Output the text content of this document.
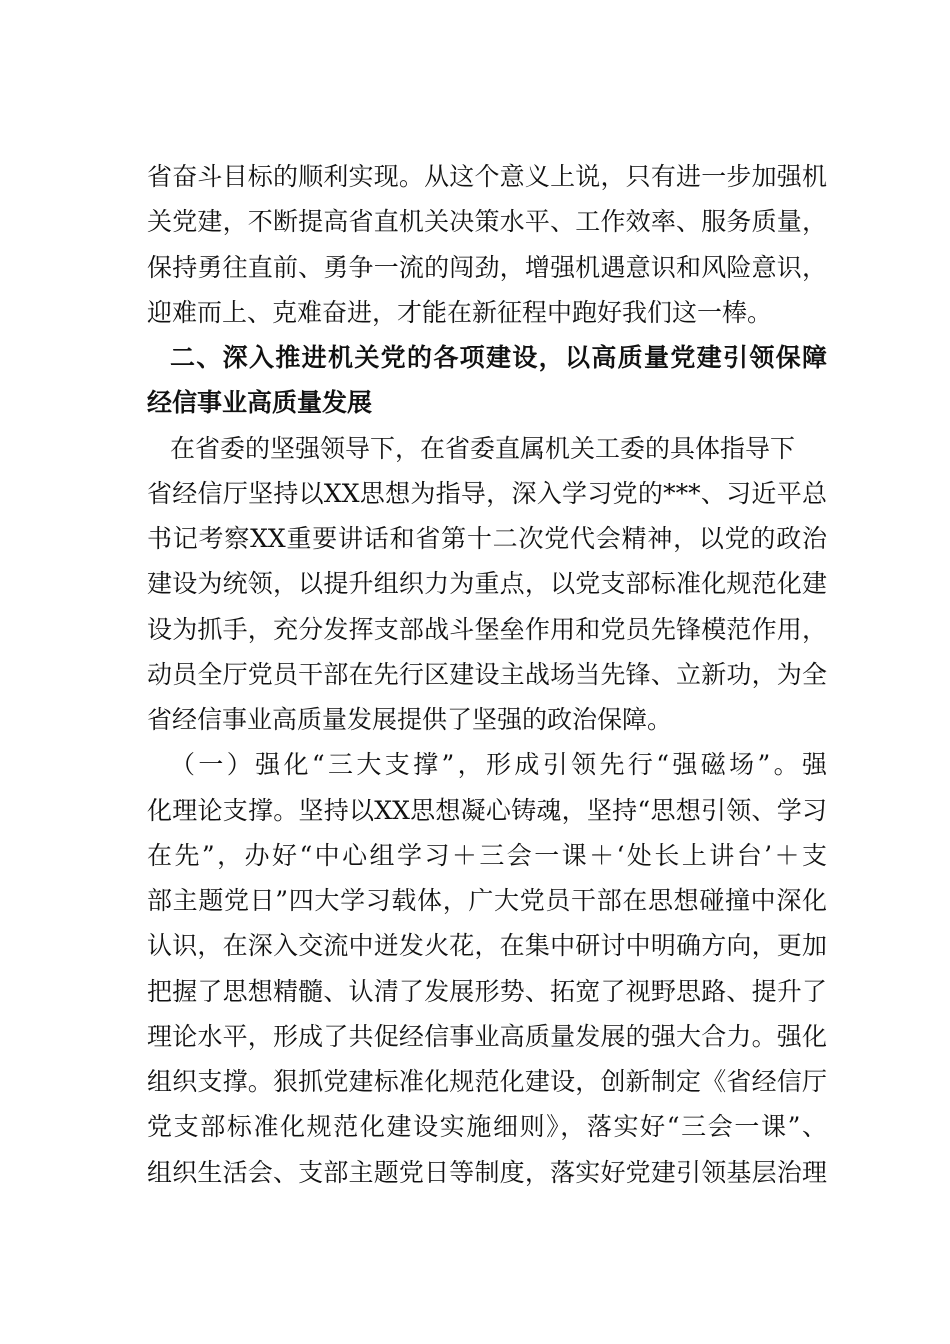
省奋斗目标的顺利实现。从这个意义上说，只有进一步加强机
关党建，不断提高省直机关决策水平、工作效率、服务质量，
保持勇往直前、勇争一流的闯劲，增强机遇意识和风险意识，
迎难而上、克难奋进，才能在新征程中跑好我们这一棒。
二、深入推进机关党的各项建设，以高质量党建引领保障
经信事业高质量发展
在省委的坚强领导下，在省委直属机关工委的具体指导下
省经信厅坚持以XX思想为指导，深入学习党的***、习近平总
书记考察XX重要讲话和省第十二次党代会精神，以党的政治
建设为统领，以提升组织力为重点，以党支部标准化规范化建
设为抓手，充分发挥支部战斗堡垒作用和党员先锋模范作用，
动员全厅党员干部在先行区建设主战场当先锋、立新功，为全
省经信事业高质量发展提供了坚强的政治保障。
（一）强化“三大支撑”，形成引领先行“强磁场”。强
化理论支撑。坚持以XX思想凝心铸魂，坚持“思想引领、学习
在先”，办好“中心组学习＋三会一课＋‘处长上讲台’＋支
部主题党日”四大学习载体，广大党员干部在思想碰撞中深化
认识，在深入交流中迸发火花，在集中研讨中明确方向，更加
把握了思想精髓、认清了发展形势、拓宽了视野思路、提升了
理论水平，形成了共促经信事业高质量发展的强大合力。强化
组织支撑。狠抓党建标准化规范化建设，创新制定《省经信厅
党支部标准化规范化建设实施细则》，落实好“三会一课”、
组织生活会、支部主题党日等制度，落实好党建引领基层治理
